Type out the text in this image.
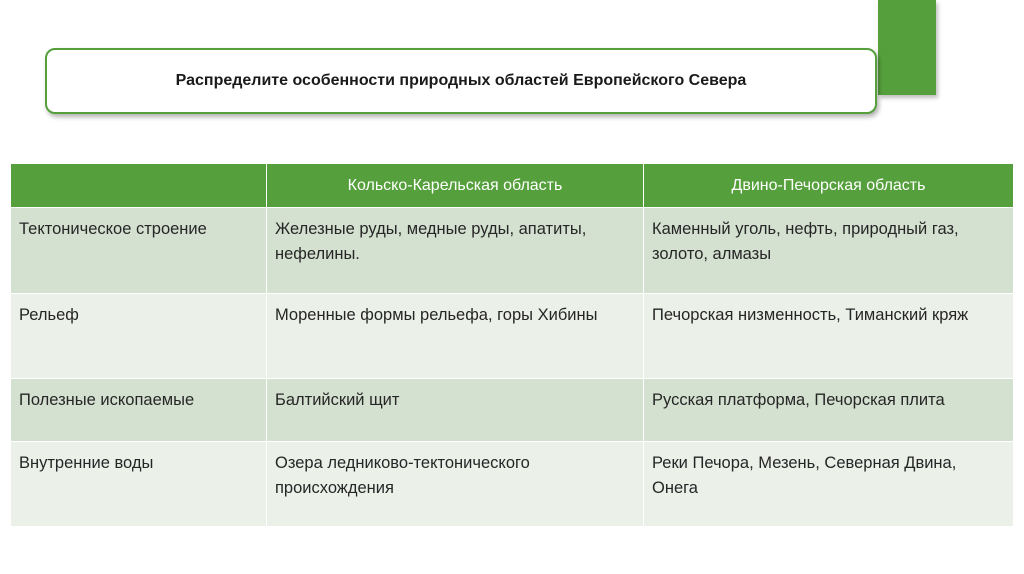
Распределите особенности природных областей Европейского Севера
	Кольско-Карельская область	Двино-Печорская область
Тектоническое строение	Железные руды, медные руды, апатиты, нефелины.	Каменный уголь, нефть, природный газ, золото, алмазы
Рельеф	Моренные формы рельефа, горы Хибины	Печорская низменность, Тиманский кряж
Полезные ископаемые	Балтийский щит	Русская платформа, Печорская плита
Внутренние воды	Озера ледниково-тектонического происхождения	Реки Печора, Мезень, Северная Двина, Онега
